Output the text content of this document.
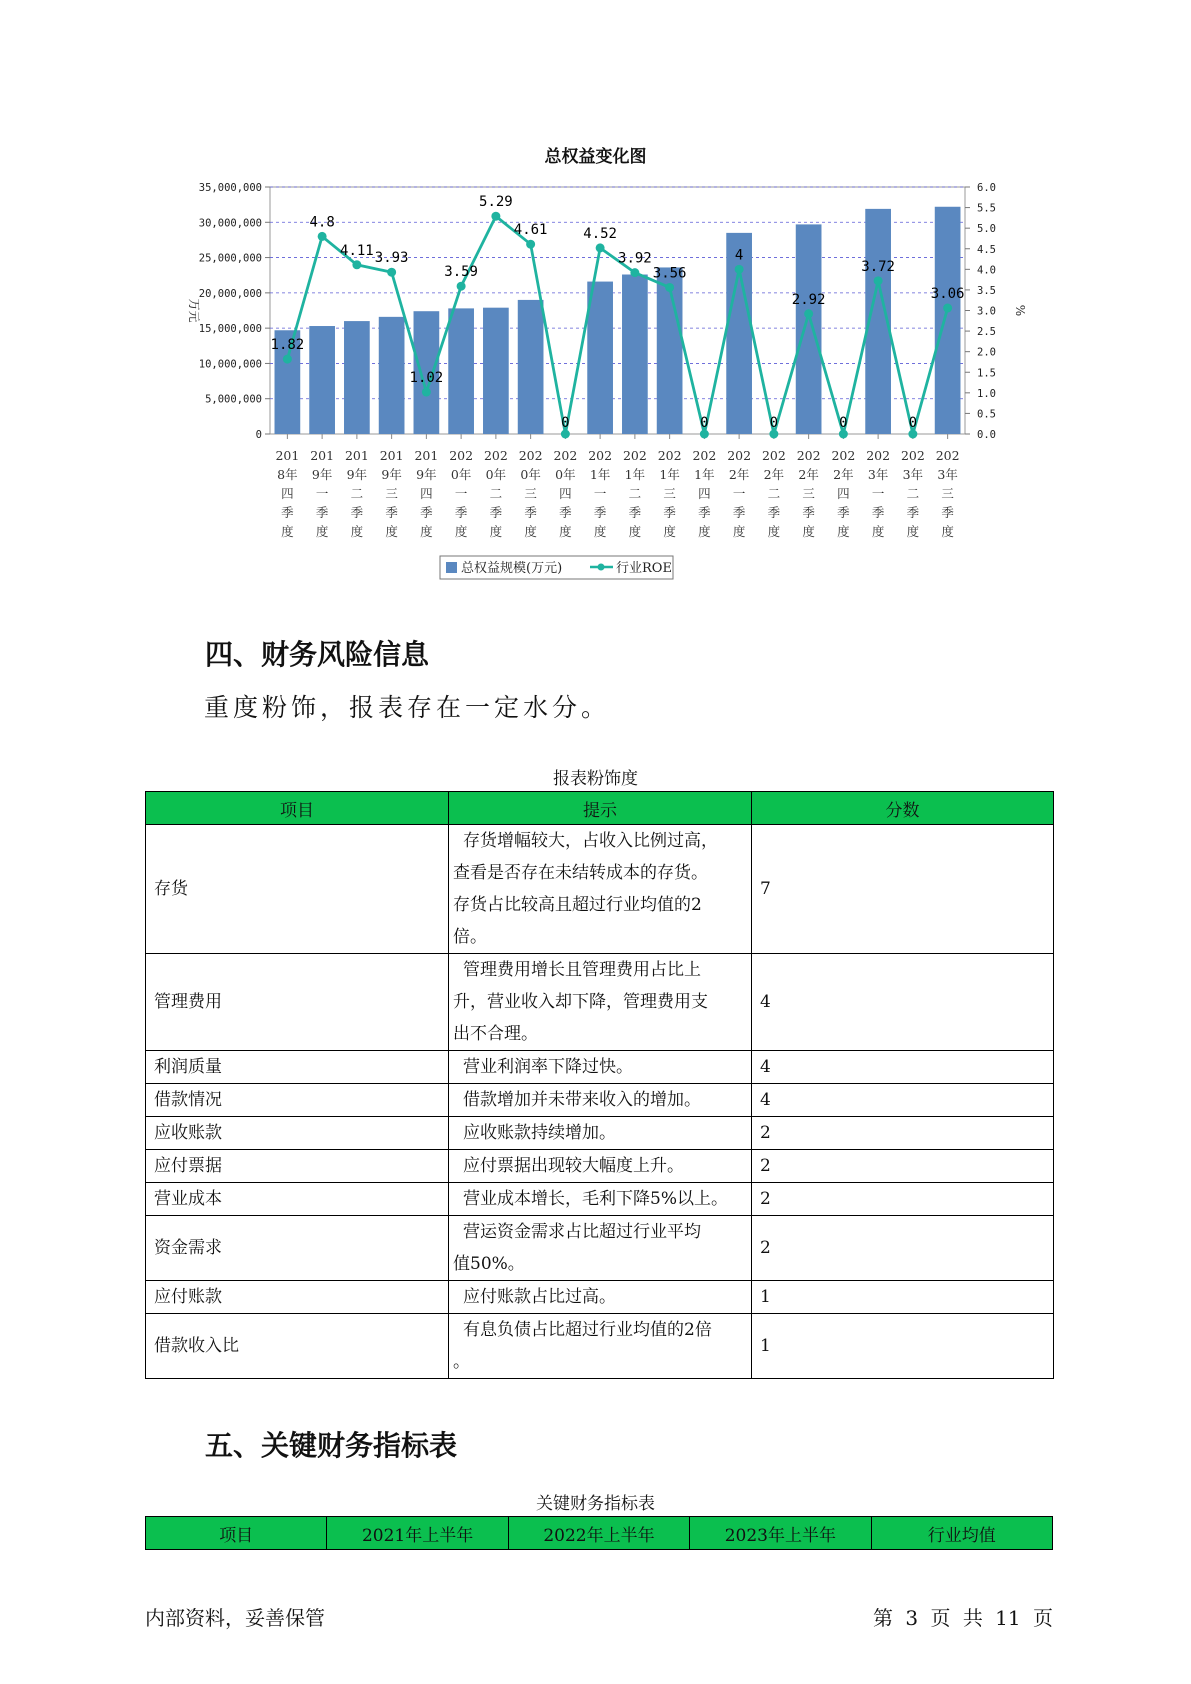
总权益变化图
0
5,000,000
10,000,000
15,000,000
20,000,000
25,000,000
30,000,000
35,000,000
0.0
0.5
1.0
1.5
2.0
2.5
3.0
3.5
4.0
4.5
5.0
5.5
6.0
万元	%
201
8年
四
季
度
201
9年
一
季
度
201
9年
二
季
度
201
9年
三
季
度
201
9年
四
季
度
202
0年
一
季
度
202
0年
二
季
度
202
0年
三
季
度
202
0年
四
季
度
202
1年
一
季
度
202
1年
二
季
度
202
1年
三
季
度
202
1年
四
季
度
202
2年
一
季
度
202
2年
二
季
度
202
2年
三
季
度
202
2年
四
季
度
202
3年
一
季
度
202
3年
二
季
度
202
3年
三
季
度
1.82
4.8
4.11 3.93
1.02
3.59
5.29
4.61
0
4.52
3.92
3.56
0
4
0
2.92
0
3.72
0
3.06
总权益规模(万元)	行业ROE
四、财务风险信息
重度粉饰，报表存在一定水分。
报表粉饰度
项目	提示	分数
存货	存货增幅较大，占收入比例过高，
查看是否存在未结转成本的存货。
存货占比较高且超过行业均值的2
倍。	7
管理费用	管理费用增长且管理费用占比上
升，营业收入却下降，管理费用支
出不合理。	4
利润质量	营业利润率下降过快。	4
借款情况	借款增加并未带来收入的增加。	4
应收账款	应收账款持续增加。	2
应付票据	应付票据出现较大幅度上升。	2
营业成本	营业成本增长，毛利下降5%以上。	2
资金需求	营运资金需求占比超过行业平均
值50%。	2
应付账款	应付账款占比过高。	1
借款收入比	有息负债占比超过行业均值的2倍
。	1
五、关键财务指标表
关键财务指标表
项目	2021年上半年	2022年上半年	2023年上半年	行业均值
内部资料，妥善保管	第 3 页 共 11 页
